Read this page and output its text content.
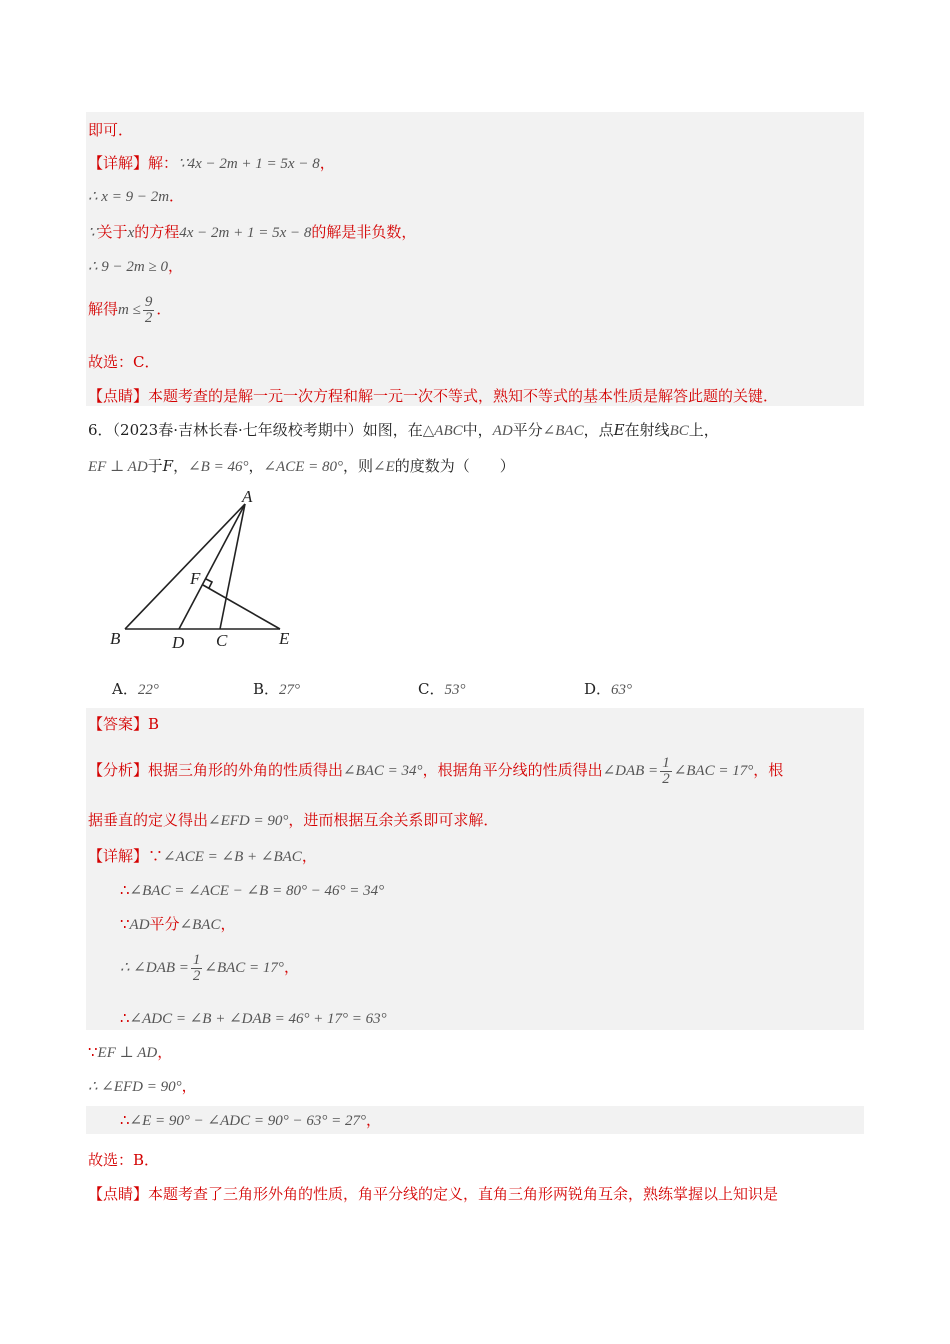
即可．
【详解】解：∵4x − 2m + 1 = 5x − 8，
∴ x = 9 − 2m．
∵关于x的方程4x − 2m + 1 = 5x − 8的解是非负数，
∴ 9 − 2m ≥ 0，
解得$m \le \frac{9}{2}$ ．
故选：C．
【点睛】本题考查的是解一元一次方程和解一元一次不等式，熟知不等式的基本性质是解答此题的关键．
6．（2023春·吉林长春·七年级校考期中）如图，在△ABC中，AD平分∠BAC，点E在射线BC上，
EF ⊥ AD于F，∠B = 46°，∠ACE = 80°，则∠E的度数为（　　）
A
F
B	D C	E
A．22°	B．27°	C．53°	D．63°
【答案】B
【分析】根据三角形的外角的性质得出∠BAC = 34°，根据角平分线的性质得出∠DAB = $\frac{1}{2}$ ∠BAC = 17°，根
据垂直的定义得出∠EFD = 90°，进而根据互余关系即可求解．
【详解】∵∠ACE = ∠B + ∠BAC，
∴∠BAC = ∠ACE − ∠B = 80° − 46° = 34°
∵AD平分∠BAC，
∴ ∠DAB = $\frac{1}{2}$ ∠BAC = 17°，
∴∠ADC = ∠B + ∠DAB = 46° + 17° = 63°
∵EF ⊥ AD，
∴ ∠EFD = 90°，
∴∠E = 90° − ∠ADC = 90° − 63° = 27°，
故选：B．
【点睛】本题考查了三角形外角的性质，角平分线的定义，直角三角形两锐角互余，熟练掌握以上知识是
